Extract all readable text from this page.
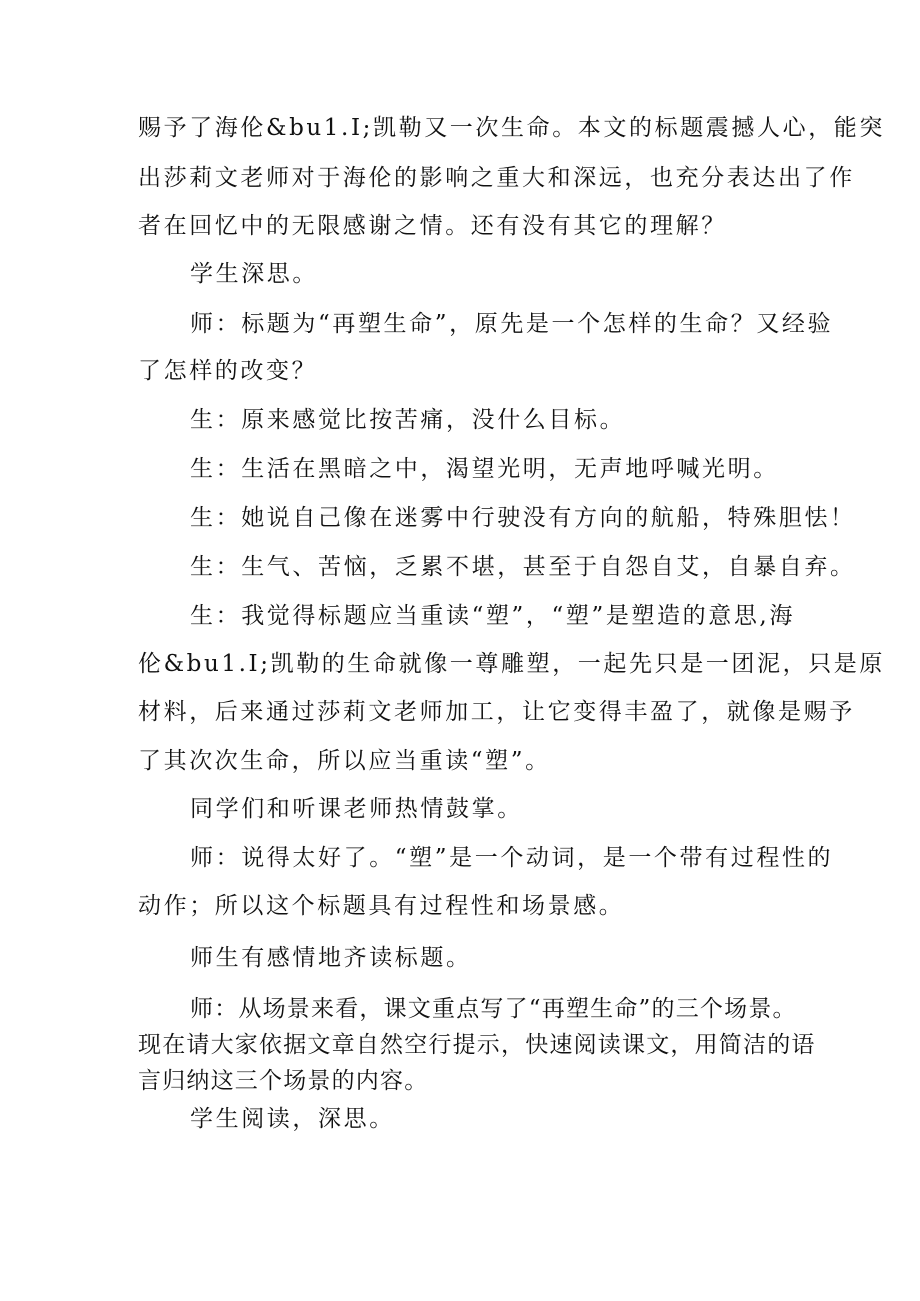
赐予了海伦&bu1.I;凯勒又一次生命。本文的标题震撼人心，能突
出莎莉文老师对于海伦的影响之重大和深远，也充分表达出了作
者在回忆中的无限感谢之情。还有没有其它的理解？
学生深思。
师：标题为“再塑生命”，原先是一个怎样的生命？又经验
了怎样的改变？
生：原来感觉比按苦痛，没什么目标。
生：生活在黑暗之中，渴望光明，无声地呼喊光明。
生：她说自己像在迷雾中行驶没有方向的航船，特殊胆怯！
生：生气、苦恼，乏累不堪，甚至于自怨自艾，自暴自弃。
生：我觉得标题应当重读“塑”，“塑”是塑造的意思,海
伦&bu1.I;凯勒的生命就像一尊雕塑，一起先只是一团泥，只是原
材料，后来通过莎莉文老师加工，让它变得丰盈了，就像是赐予
了其次次生命，所以应当重读“塑”。
同学们和听课老师热情鼓掌。
师：说得太好了。“塑”是一个动词，是一个带有过程性的
动作；所以这个标题具有过程性和场景感。
师生有感情地齐读标题。
师：从场景来看，课文重点写了“再塑生命”的三个场景。
现在请大家依据文章自然空行提示，快速阅读课文，用简洁的语
言归纳这三个场景的内容。
学生阅读，深思。
